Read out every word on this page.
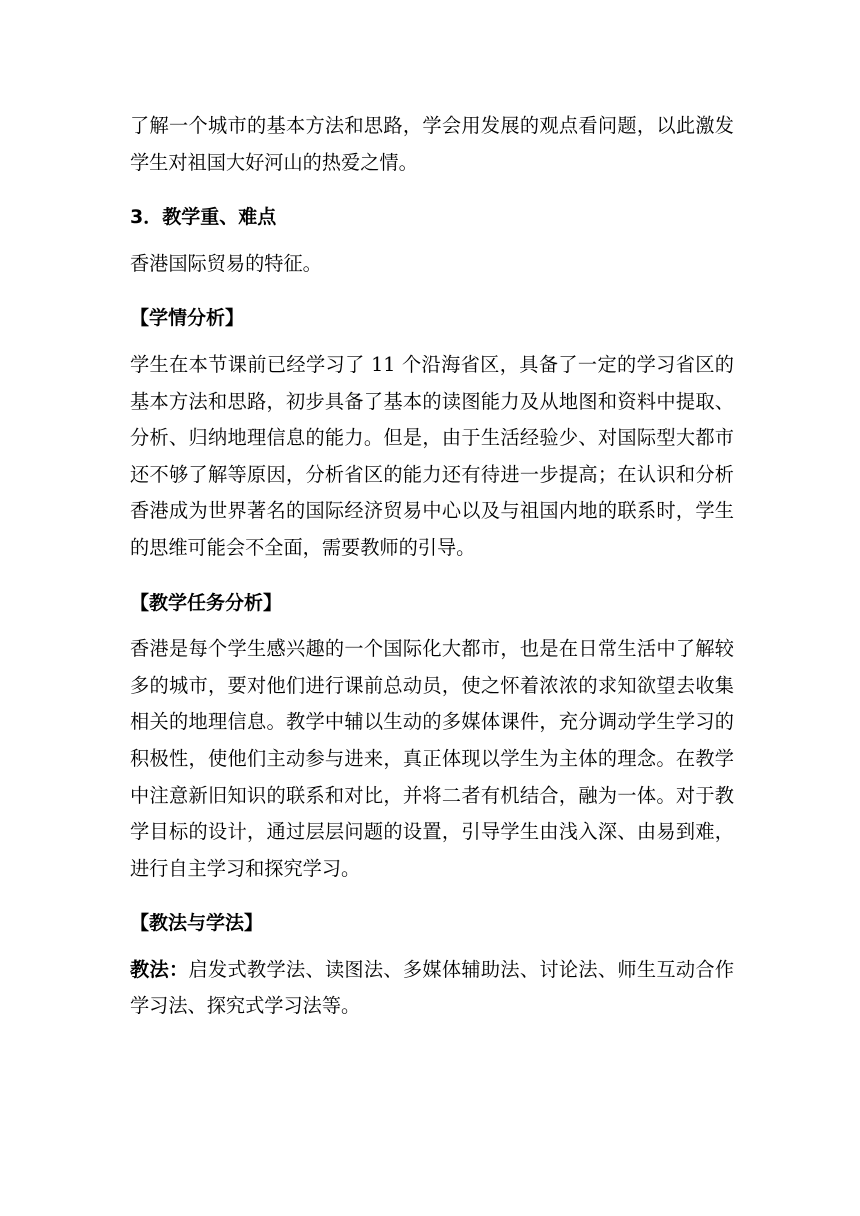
了解一个城市的基本方法和思路，学会用发展的观点看问题，以此激发学生对祖国大好河山的热爱之情。

3．教学重、难点

香港国际贸易的特征。

【学情分析】

学生在本节课前已经学习了 11 个沿海省区，具备了一定的学习省区的基本方法和思路，初步具备了基本的读图能力及从地图和资料中提取、分析、归纳地理信息的能力。但是，由于生活经验少、对国际型大都市还不够了解等原因，分析省区的能力还有待进一步提高；在认识和分析香港成为世界著名的国际经济贸易中心以及与祖国内地的联系时，学生的思维可能会不全面，需要教师的引导。

【教学任务分析】

香港是每个学生感兴趣的一个国际化大都市，也是在日常生活中了解较多的城市，要对他们进行课前总动员，使之怀着浓浓的求知欲望去收集相关的地理信息。教学中辅以生动的多媒体课件，充分调动学生学习的积极性，使他们主动参与进来，真正体现以学生为主体的理念。在教学中注意新旧知识的联系和对比，并将二者有机结合，融为一体。对于教学目标的设计，通过层层问题的设置，引导学生由浅入深、由易到难，进行自主学习和探究学习。

【教法与学法】

教法：启发式教学法、读图法、多媒体辅助法、讨论法、师生互动合作学习法、探究式学习法等。
